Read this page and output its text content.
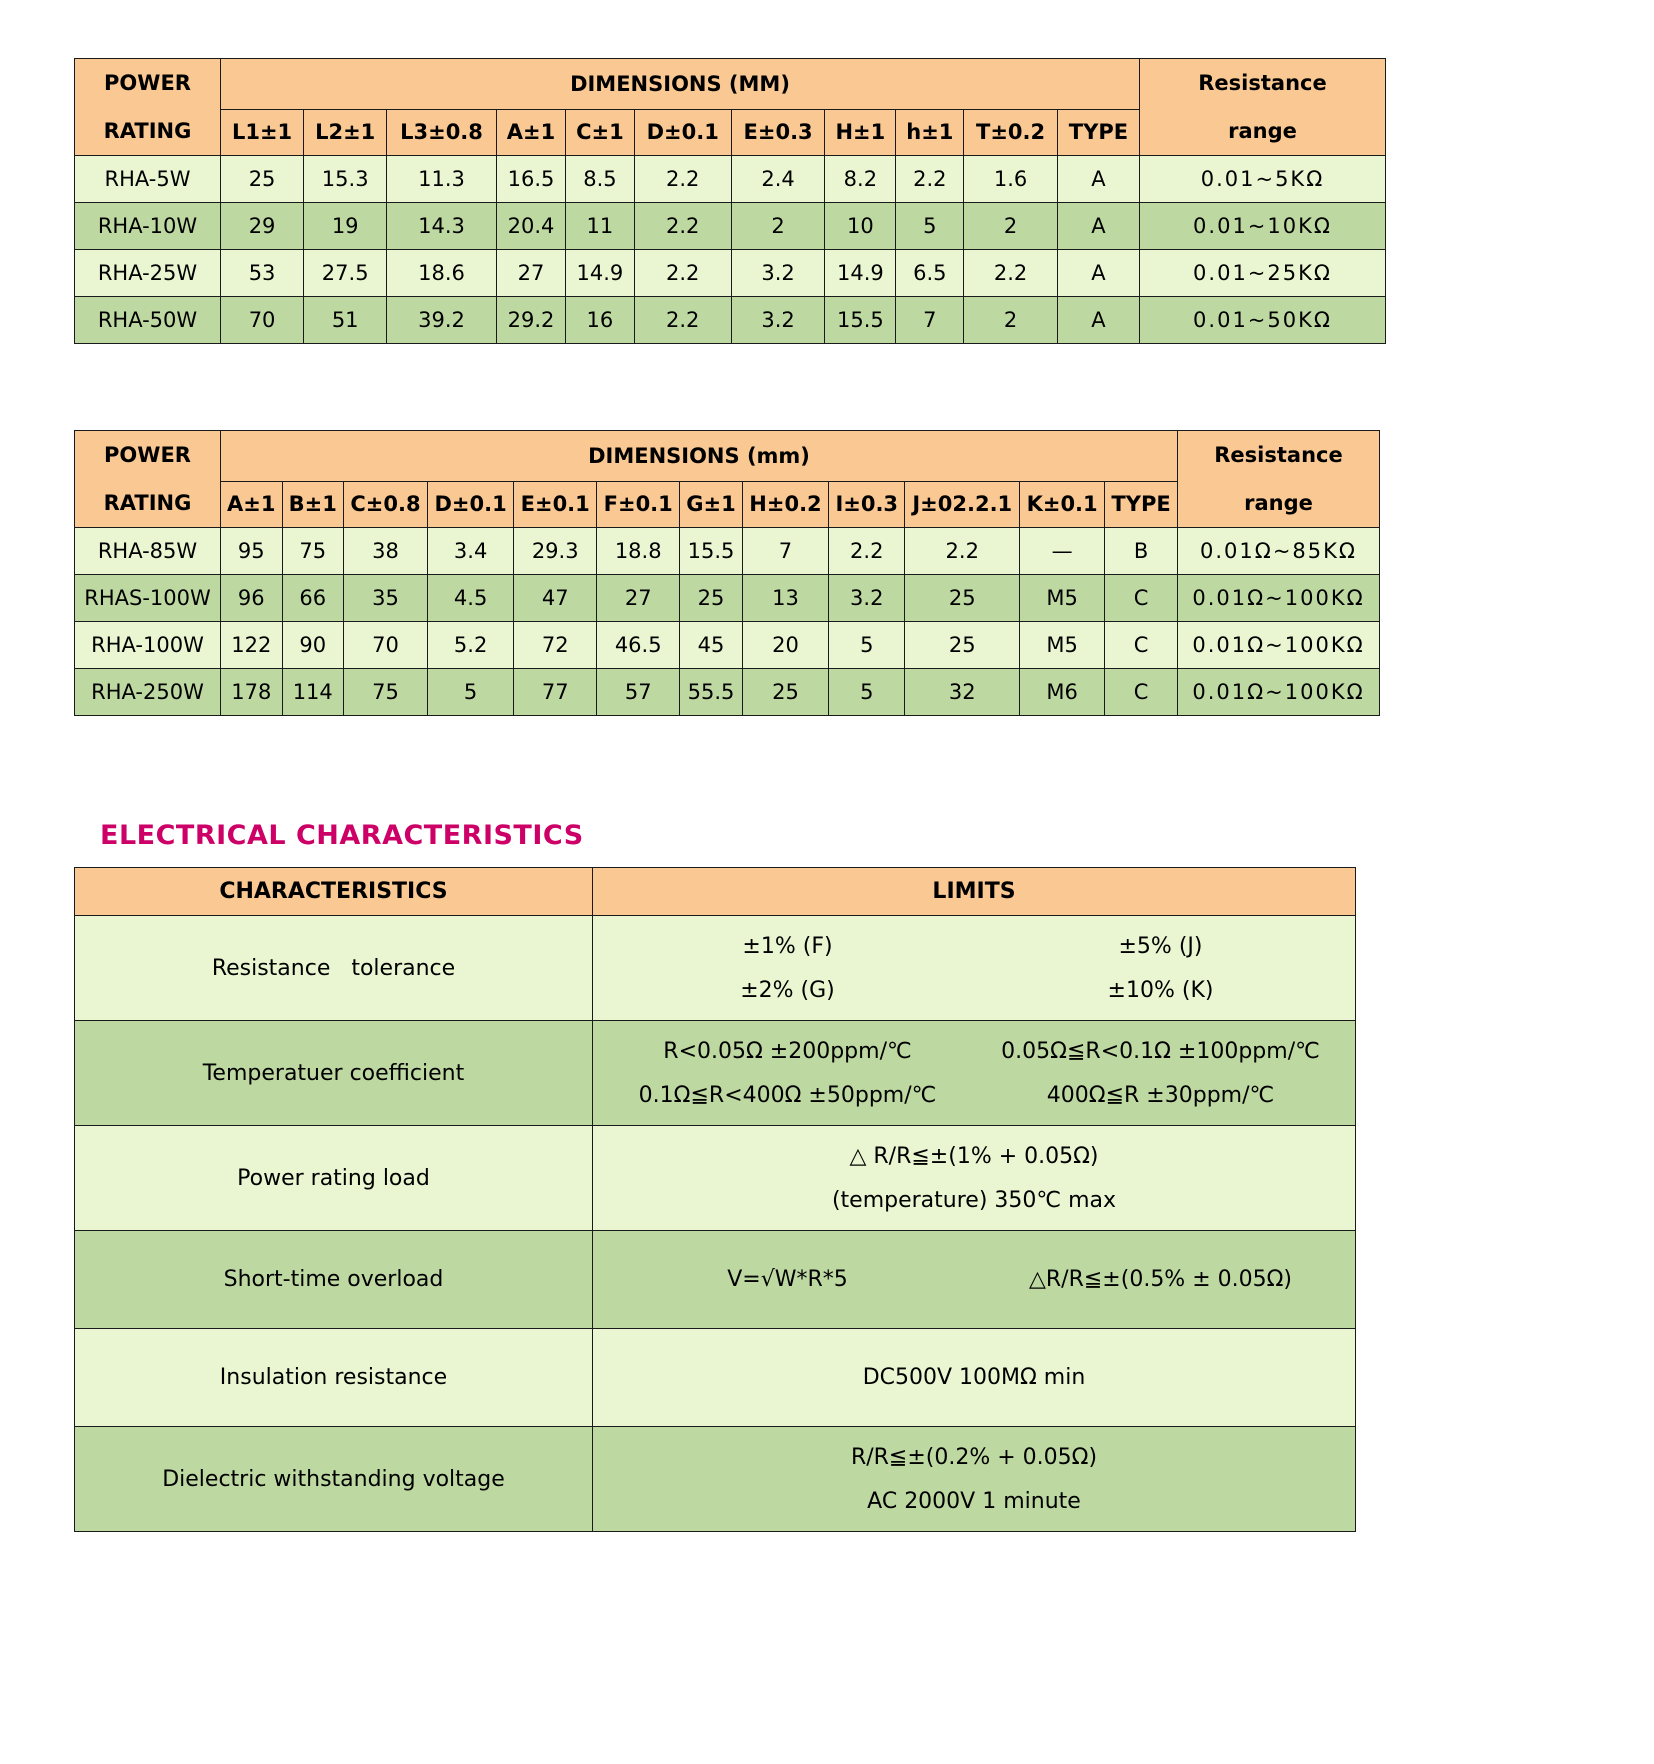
POWER
RATING
	DIMENSIONS (MM)	Resistance
range

	L1±1	L2±1	L3±0.8	A±1	C±1	D±0.1	E±0.3	H±1	h±1	T±0.2	TYPE	
RHA-5W	25	15.3	11.3	16.5	8.5	2.2	2.4	8.2	2.2	1.6	A	0.01~5KΩ
RHA-10W	29	19	14.3	20.4	11	2.2	2	10	5	2	A	0.01~10KΩ
RHA-25W	53	27.5	18.6	27	14.9	2.2	3.2	14.9	6.5	2.2	A	0.01~25KΩ
RHA-50W	70	51	39.2	29.2	16	2.2	3.2	15.5	7	2	A	0.01~50KΩ
POWER
RATING
	DIMENSIONS (mm)	Resistance
range

	A±1	B±1	C±0.8	D±0.1	E±0.1	F±0.1	G±1	H±0.2	I±0.3	J±02.2.1	K±0.1	TYPE	
RHA-85W	95	75	38	3.4	29.3	18.8	15.5	7	2.2	2.2	—	B	0.01Ω~85KΩ
RHAS-100W	96	66	35	4.5	47	27	25	13	3.2	25	M5	C	0.01Ω~100KΩ
RHA-100W	122	90	70	5.2	72	46.5	45	20	5	25	M5	C	0.01Ω~100KΩ
RHA-250W	178	114	75	5	77	57	55.5	25	5	32	M6	C	0.01Ω~100KΩ
ELECTRICAL CHARACTERISTICS
CHARACTERISTICS	LIMITS
Resistance   tolerance	±1% (F) ±5% (J)
±2% (G) ±10% (K)

Temperatuer coefficient	R<0.05Ω ±200ppm/℃ 0.05Ω≦R<0.1Ω ±100ppm/℃
0.1Ω≦R<400Ω ±50ppm/℃ 400Ω≦R ±30ppm/℃

Power rating load	△ R/R≦±(1% + 0.05Ω)
(temperature) 350℃ max

Short-time overload	V=√W*R*5 △R/R≦±(0.5% ± 0.05Ω)

Insulation resistance	DC500V 100MΩ min

Dielectric withstanding voltage	R/R≦±(0.2% + 0.05Ω)
AC 2000V 1 minute
